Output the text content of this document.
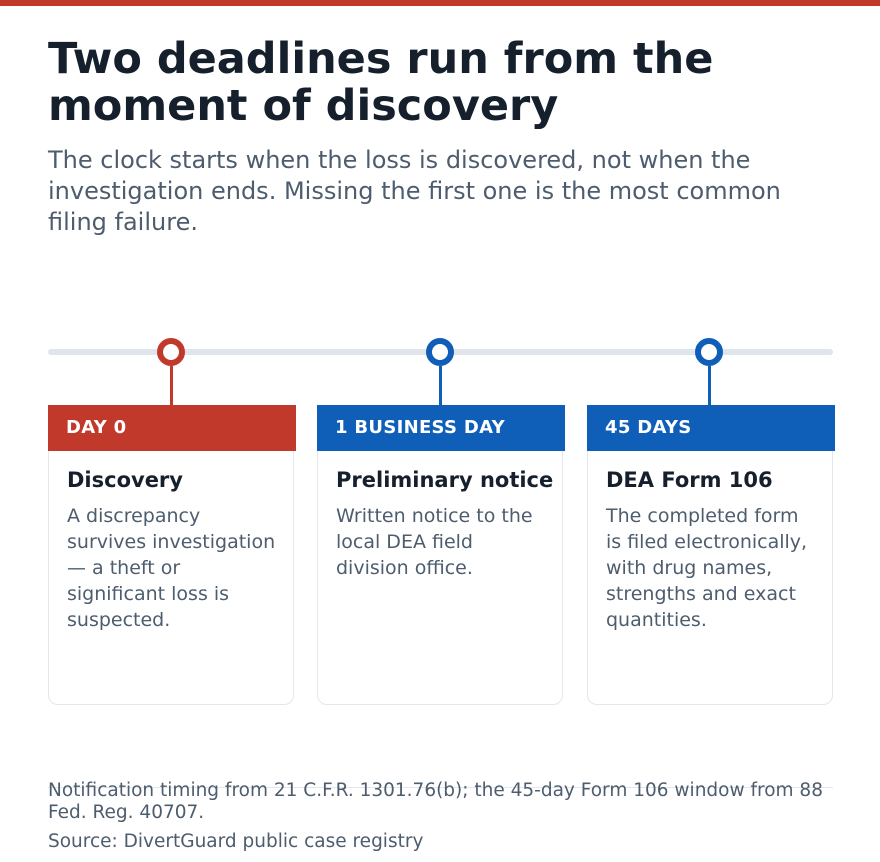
Two deadlines run from the moment of discovery

The clock starts when the loss is discovered, not when the investigation ends. Missing the first one is the most common filing failure.

DAY 0
Discovery
A discrepancy survives investigation — a theft or significant loss is suspected.
1 BUSINESS DAY
Preliminary notice
Written notice to the local DEA field division office.
45 DAYS
DEA Form 106
The completed form is filed electronically, with drug names, strengths and exact quantities.

Notification timing from 21 C.F.R. 1301.76(b); the 45-day Form 106 window from 88 Fed. Reg. 40707.

Source: DivertGuard public case registry
